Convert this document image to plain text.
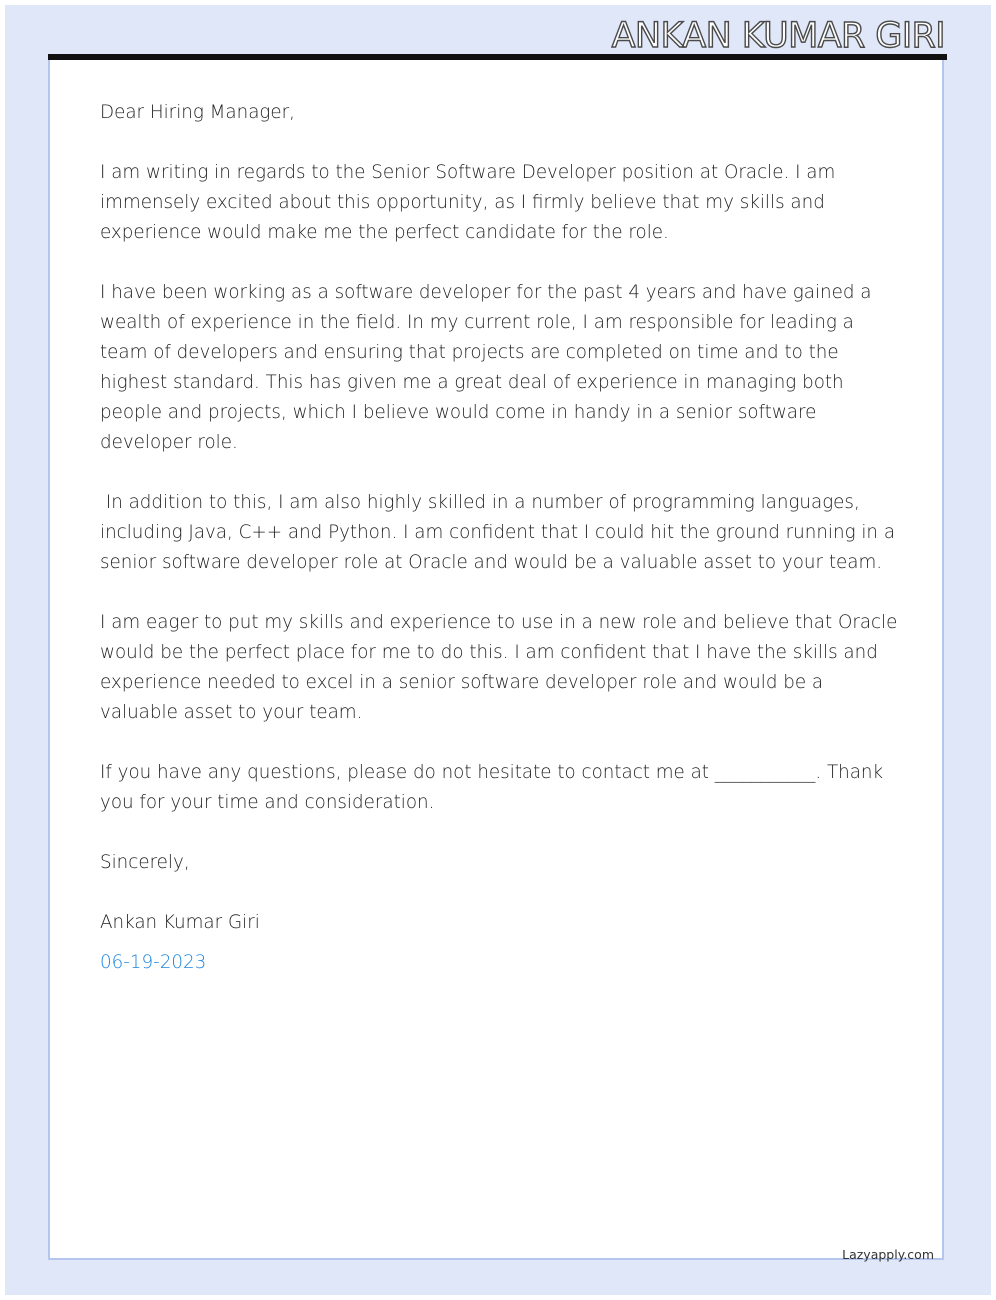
ANKAN KUMAR GIRI

Dear Hiring Manager,

I am writing in regards to the Senior Software Developer position at Oracle. I am immensely excited about this opportunity, as I firmly believe that my skills and experience would make me the perfect candidate for the role.

I have been working as a software developer for the past 4 years and have gained a wealth of experience in the field. In my current role, I am responsible for leading a team of developers and ensuring that projects are completed on time and to the highest standard. This has given me a great deal of experience in managing both people and projects, which I believe would come in handy in a senior software developer role.

In addition to this, I am also highly skilled in a number of programming languages, including Java, C++ and Python. I am confident that I could hit the ground running in a senior software developer role at Oracle and would be a valuable asset to your team.

I am eager to put my skills and experience to use in a new role and believe that Oracle would be the perfect place for me to do this. I am confident that I have the skills and experience needed to excel in a senior software developer role and would be a valuable asset to your team.

If you have any questions, please do not hesitate to contact me at ___________. Thank you for your time and consideration.

Sincerely,

Ankan Kumar Giri

06-19-2023

Lazyapply.com
